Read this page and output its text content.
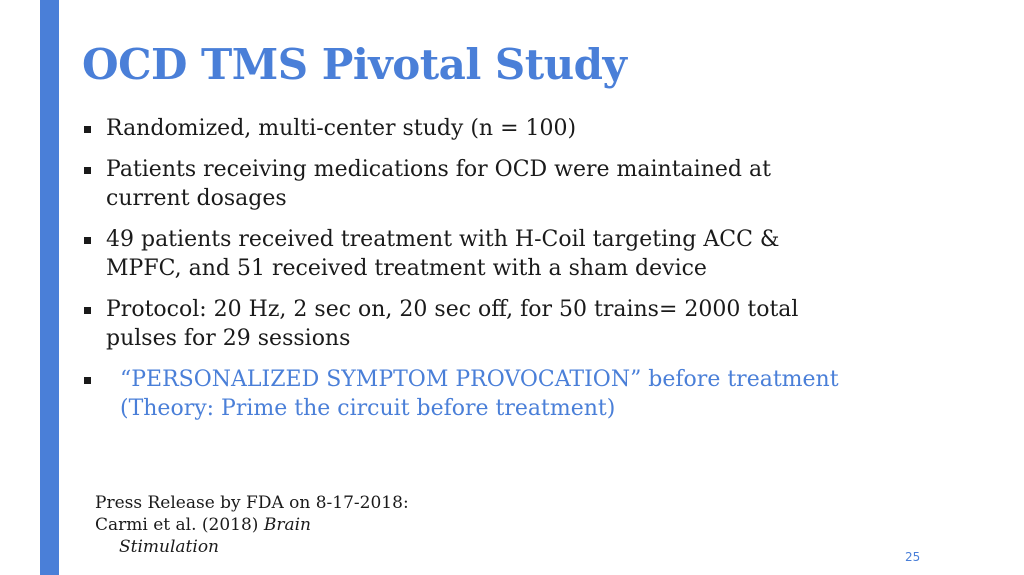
OCD TMS Pivotal Study
Randomized, multi-center study (n = 100)
Patients receiving medications for OCD were maintained at current dosages
49 patients received treatment with H-Coil targeting ACC & MPFC, and 51 received treatment with a sham device
Protocol: 20 Hz, 2 sec on, 20 sec off, for 50 trains= 2000 total pulses for 29 sessions
“PERSONALIZED SYMPTOM PROVOCATION” before treatment (Theory: Prime the circuit before treatment)
Press Release by FDA on 8-17-2018:
Carmi et al. (2018) Brain
Stimulation	25
